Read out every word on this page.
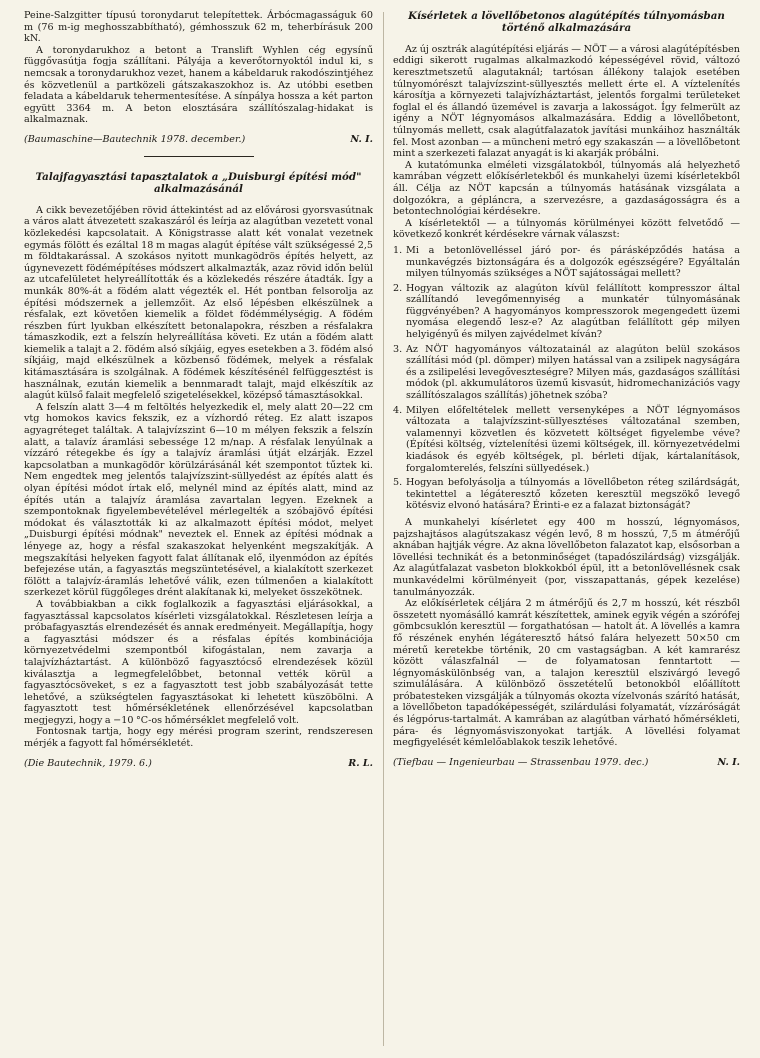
Peine-Salzgitter típusú toronydarut telepítettek. Árbócmagasságuk 60 m (76 m-ig meghosszabbítható), gémhosszuk 62 m, teherbírásuk 200 kN.

A toronydarukhoz a betont a Translift Wyhlen cég egysínű függővasútja fogja szállítani. Pályája a keverőtornyoktól indul ki, s nemcsak a toronydarukhoz vezet, hanem a kábeldaruk rakodószintjéhez és közvetlenül a partközeli gátszakaszokhoz is. Az utóbbi esetben feladata a kábeldaruk tehermentesítése. A sínpálya hossza a két parton együtt 3364 m. A beton elosztására szállítószalag-hidakat is alkalmaznak.

(Baumaschine—Bautechnik 1978. december.)	N. I.
Talajfagyasztási tapasztalatok a „Duisburgi építési mód" alkalmazásánál

A cikk bevezetőjében rövid áttekintést ad az elővárosi gyorsvasútnak a város alatt átvezetett szakaszáról és leírja az alagútban vezetett vonal közlekedési kapcsolatait. A Königstrasse alatt két vonalat vezetnek egymás fölött és ezáltal 18 m magas alagút építése vált szükségessé 2,5 m földtakarással. A szokásos nyitott munkagödrös építés helyett, az úgynevezett födémépítéses módszert alkalmazták, azaz rövid időn belül az utcafelületet helyreállították és a közlekedés részére átadták. Így a munkák 80%-át a födém alatt végezték el. Hét pontban felsorolja az építési módszernek a jellemzőit. Az első lépésben elkészülnek a résfalak, ezt követően kiemelik a földet födémmélységig. A födém részben fúrt lyukban elkészített betonalapokra, részben a résfalakra támaszkodik, ezt a felszín helyreállítása követi. Ez után a födém alatt kiemelik a talajt a 2. födém alsó síkjáig, egyes esetekben a 3. födém alsó síkjáig, majd elkészülnek a közbenső födémek, melyek a résfalak kitámasztására is szolgálnak. A födémek készítésénél felfüggesztést is használnak, ezután kiemelik a bennmaradt talajt, majd elkészítik az alagút külső falait megfelelő szigetelésekkel, középső támasztásokkal.

A felszín alatt 3—4 m feltöltés helyezkedik el, mely alatt 20—22 cm vtg homokos kavics fekszik, ez a vízhordó réteg. Ez alatt iszapos agyagréteget találtak. A talajvízszint 6—10 m mélyen fekszik a felszín alatt, a talavíz áramlási sebessége 12 m/nap. A résfalak lenyúlnak a vízzáró rétegekbe és így a talajvíz áramlási útját elzárják. Ezzel kapcsolatban a munkagödör körülzárásánál két szempontot tűztek ki. Nem engedtek meg jelentős talajvízszint-süllyedést az építés alatt és olyan építési módot írtak elő, melynél mind az építés alatt, mind az építés után a talajvíz áramlása zavartalan legyen. Ezeknek a szempontoknak figyelembevételével mérlegelték a szóbajövő építési módokat és választották ki az alkalmazott építési módot, melyet „Duisburgi építési módnak" neveztek el. Ennek az építési módnak a lényege az, hogy a résfal szakaszokat helyenként megszakítják. A megszakítási helyeken fagyott falat állítanak elő, ilyenmódon az építés befejezése után, a fagyasztás megszüntetésével, a kialakított szerkezet fölött a talajvíz-áramlás lehetővé válik, ezen túlmenően a kialakított szerkezet körül függőleges drént alakítanak ki, melyeket összekötnek.

A továbbiakban a cikk foglalkozik a fagyasztási eljárásokkal, a fagyasztással kapcsolatos kísérleti vizsgálatokkal. Részletesen leírja a próbafagyasztás elrendezését és annak eredményeit. Megállapítja, hogy a fagyasztási módszer és a résfalas építés kombinációja környezetvédelmi szempontból kifogástalan, nem zavarja a talajvízháztartást. A különböző fagyasztócső elrendezések közül kiválasztja a legmegfelelőbbet, betonnal vették körül a fagyasztócsöveket, s ez a fagyasztott test jobb szabályozását tette lehetővé, a szükségtelen fagyasztásokat ki lehetett küszöbölni. A fagyasztott test hőmérsékletének ellenőrzésével kapcsolatban megjegyzi, hogy a −10 °C-os hőmérséklet megfelelő volt.

Fontosnak tartja, hogy egy mérési program szerint, rendszeresen mérjék a fagyott fal hőmérsékletét.

(Die Bautechnik, 1979. 6.)	R. L.
Kísérletek a lövellőbetonos alagútépítés túlnyomásban történő alkalmazására

Az új osztrák alagútépítési eljárás — NÖT — a városi alagútépítésben eddigi sikerott rugalmas alkalmazkodó képességével rövid, változó keresztmetszetű alagutaknál; tartósan állékony talajok esetében túlnyomórészt talajvízszint-süllyesztés mellett érte el. A víztelenítés károsítja a környezeti talajvízháztartást, jelentős forgalmi területeket foglal el és állandó üzemével is zavarja a lakosságot. Így felmerült az igény a NÖT légnyomásos alkalmazására. Eddig a lövellőbetont, túlnyomás mellett, csak alagútfalazatok javítási munkáihoz használták fel. Most azonban — a müncheni metró egy szakaszán — a lövellőbetont mint a szerkezeti falazat anyagát is ki akarják próbálni.

A kutatómunka elméleti vizsgálatokból, túlnyomás alá helyezhető kamrában végzett előkísérletekből és munkahelyi üzemi kísérletekből áll. Célja az NÖT kapcsán a túlnyomás hatásának vizsgálata a dolgozókra, a gépláncra, a szervezésre, a gazdaságosságra és a betontechnológiai kérdésekre.

A kísérletektől — a túlnyomás körülményei között felvetődő — következő konkrét kérdésekre várnak válaszst:

1. Mi a betonlövelléssel járó por- és párásképződés hatása a munkavégzés biztonságára és a dolgozók egészségére? Egyáltalán milyen túlnyomás szükséges a NÖT sajátosságai mellett?
2. Hogyan változik az alagúton kívül felállított kompresszor által szállítandó levegőmennyiség a munkatér túlnyomásának függvényében? A hagyományos kompresszorok megengedett üzemi nyomása elegendő lesz-e? Az alagútban felállított gép milyen helyigényű és milyen zajvédelmet kíván?
3. Az NÖT hagyományos változatainál az alagúton belül szokásos szállítási mód (pl. dömper) milyen hatással van a zsilipek nagyságára és a zsilipelési levegőveszteségre? Milyen más, gazdaságos szállítási módok (pl. akkumulátoros üzemű kisvasút, hidromechanizációs vagy szállítószalagos szállítás) jöhetnek szóba?
4. Milyen előfeltételek mellett versenyképes a NÖT légnyomásos változata a talajvízszint-süllyesztéses változatánal szemben, valamennyi közvetlen és közvetett költséget figyelembe véve? (Építési költség, víztelenítési üzemi költségek, ill. környezetvédelmi kiadások és egyéb költségek, pl. bérleti díjak, kártalanítások, forgalomterelés, felszíni süllyedések.)
5. Hogyan befolyásolja a túlnyomás a lövellőbeton réteg szilárdságát, tekintettel a légáteresztő kőzeten keresztül megszökő levegő kötésviz elvonó hatására? Érinti-e ez a falazat biztonságát?

A munkahelyi kísérletet egy 400 m hosszú, légnyomásos, pajzshajtásos alagútszakasz végén levő, 8 m hosszú, 7,5 m átmérőjű aknában hajtják végre. Az akna lövellőbeton falazatot kap, elsősorban a lövellési technikát és a betonminőséget (tapadószilárdság) vizsgálják. Az alagútfalazat vasbeton blokkokból épül, itt a betonlövellésnek csak munkavédelmi körülményeit (por, visszapattanás, gépek kezelése) tanulmányozzák.

Az előkísérletek céljára 2 m átmérőjű és 2,7 m hosszú, két részből összetett nyomásálló kamrát készítettek, aminek egyik végén a szórófej gömbcsuklón keresztül — forgathatósan — hatolt át. A lövellés a kamra fő részének enyhén légáteresztő hátsó falára helyezett 50×50 cm méretű keretekbe történik, 20 cm vastagságban. A két kamrarész között válaszfalnál — de folyamatosan fenntartott — légnyomáskülönbség van, a talajon keresztül elszivárgó levegő szimulálására. A különböző összetételű betonokból előállított próbatesteken vizsgálják a túlnyomás okozta vízelvonás szárító hatását, a lövellőbeton tapadóképességét, szilárdulási folyamatát, vízzáróságát és légpórus-tartalmát. A kamrában az alagútban várható hőmérsékleti, pára- és légnyomásviszonyokat tartják. A lövellési folyamat megfigyelését kémlelőablakok teszik lehetővé.

(Tiefbau — Ingenieurbau — Strassenbau 1979. dec.)	N. I.
